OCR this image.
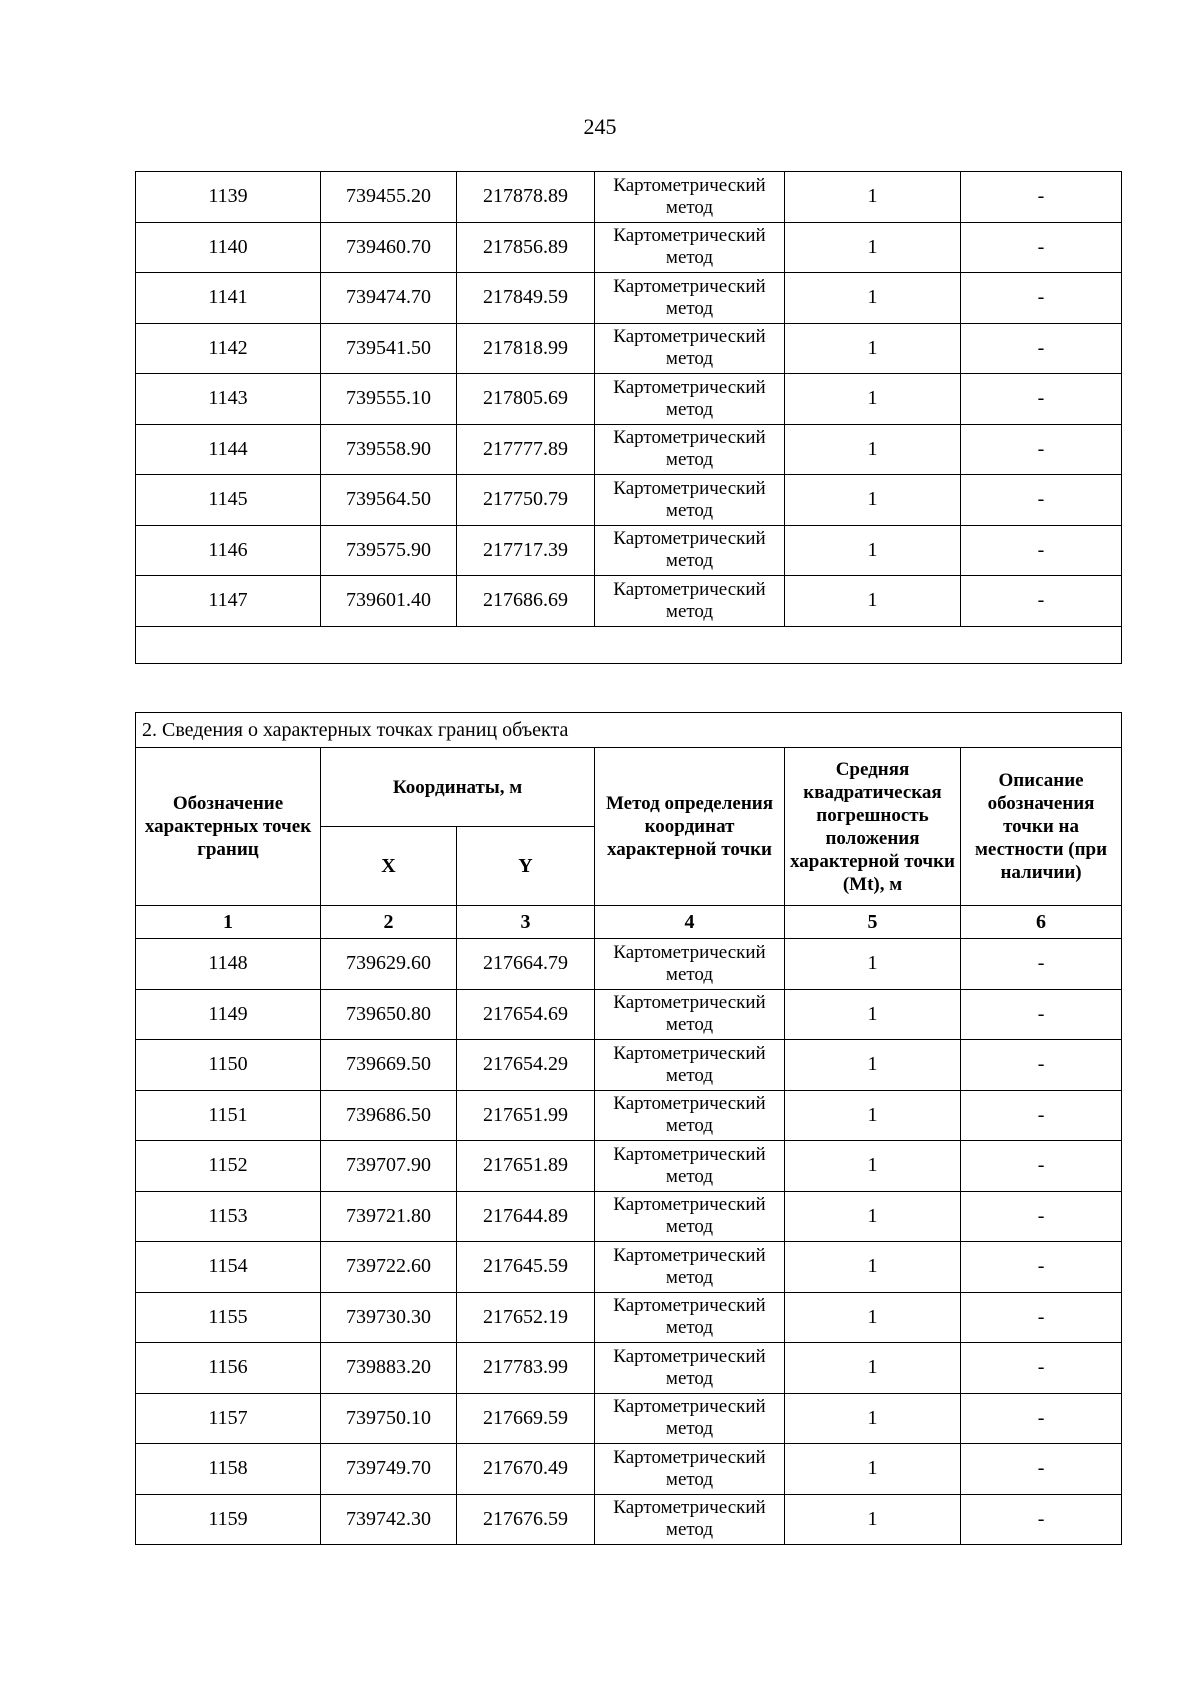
245
1139	739455.20	217878.89	Картометрический метод	1	-
1140	739460.70	217856.89	Картометрический метод	1	-
1141	739474.70	217849.59	Картометрический метод	1	-
1142	739541.50	217818.99	Картометрический метод	1	-
1143	739555.10	217805.69	Картометрический метод	1	-
1144	739558.90	217777.89	Картометрический метод	1	-
1145	739564.50	217750.79	Картометрический метод	1	-
1146	739575.90	217717.39	Картометрический метод	1	-
1147	739601.40	217686.69	Картометрический метод	1	-

2. Сведения о характерных точках границ объекта					
Обозначение характерных точек границ	Координаты, м		Метод определения координат характерной точки	Средняя квадратическая погрешность положения характерной точки (Mt), м	Описание обозначения точки на местности (при наличии)
	X	Y			
1	2	3	4	5	6
1148	739629.60	217664.79	Картометрический метод	1	-
1149	739650.80	217654.69	Картометрический метод	1	-
1150	739669.50	217654.29	Картометрический метод	1	-
1151	739686.50	217651.99	Картометрический метод	1	-
1152	739707.90	217651.89	Картометрический метод	1	-
1153	739721.80	217644.89	Картометрический метод	1	-
1154	739722.60	217645.59	Картометрический метод	1	-
1155	739730.30	217652.19	Картометрический метод	1	-
1156	739883.20	217783.99	Картометрический метод	1	-
1157	739750.10	217669.59	Картометрический метод	1	-
1158	739749.70	217670.49	Картометрический метод	1	-
1159	739742.30	217676.59	Картометрический метод	1	-
